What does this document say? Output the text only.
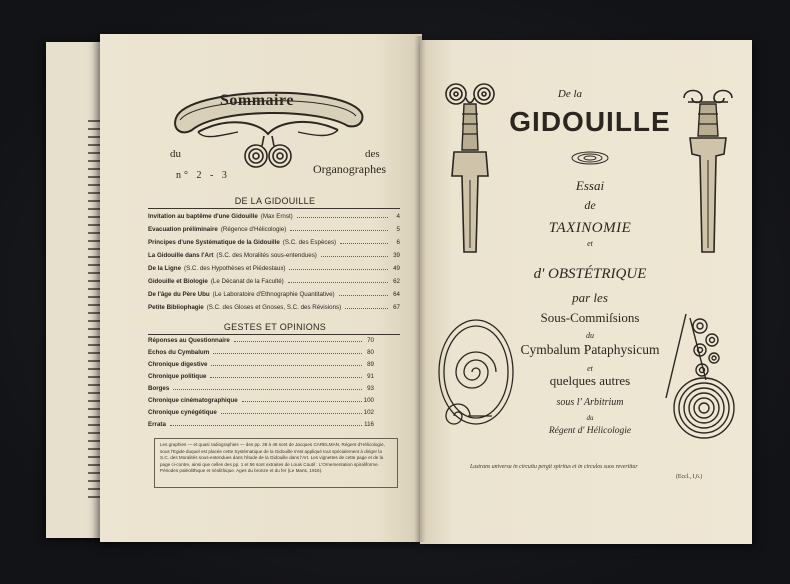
Sommaire
du
n° 2 - 3
des
Organographes
DE LA GIDOUILLE
Invitation au baptême d'une Gidouille (Max Ernst)	4
Evacuation préliminaire (Régence d'Hélicologie)	5
Principes d'une Systématique de la Gidouille (S.C. des Espèces)	6
La Gidouille dans l'Art (S.C. des Moralités sous-entendues)	39
De la Ligne (S.C. des Hypothèses et Piédestaux)	49
Gidouille et Biologie (Le Décanat de la Faculté)	62
De l'âge du Père Ubu (Le Laboratoire d'Ethnographie Quantitative)	64
Petite Bibliophagie (S.C. des Gloses et Gnoses, S.C. des Révisions)	67
GESTES ET OPINIONS
Réponses au Questionnaire	70
Echos du Cymbalum	80
Chronique digestive	89
Chronique politique	91
Borges	93
Chronique cinématographique	100
Chronique cynégétique	102
Errata	116
Les graphies — et quasi radiographies — des pp. 39 à 48 sont de Jacques CARELMAN, Régent d'Hélicologie, sous l'Egide duquel est placée cette Systématique de la Gidouille s'est appliqué tout spécialement à diriger la S.C. des Moralités sous-entendues dans l'étude de la Gidouille dans l'Art. Les vignettes de cette page et de la page ci-contre, ainsi que celles des pp. 1 et 56 sont extraites de Louis Coutil : L'Ornementation spiraliforme. Périodes paléolithique et néolithique. Ages du bronze et du fer (Le Mans, 1916).
De la
GIDOUILLE
Essai
de
TAXINOMIE
et
d' OBSTÉTRIQUE
par les
Sous-Commiſsions
du
Cymbalum Pataphysicum
et
quelques autres
sous l' Arbitrium
du
Régent d' Hélicologie
Lustrans universa in circuitu pergit spiritus et in circulos suos revertitur
(Eccl., I,6.)
